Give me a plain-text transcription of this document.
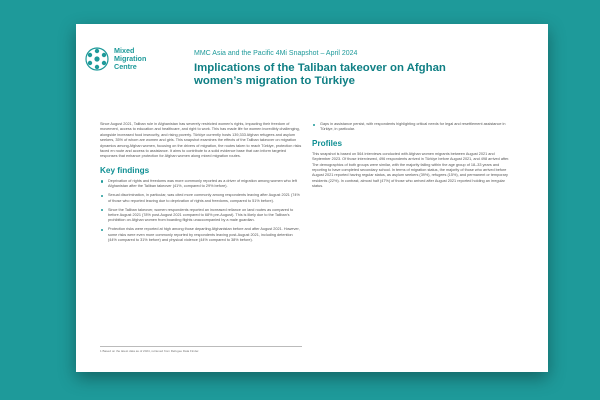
Mixed
Migration
Centre
MMC Asia and the Pacific 4Mi Snapshot – April 2024
Implications of the Taliban takeover on Afghan women’s migration to Türkiye

Since August 2021, Taliban rule in Afghanistan has severely restricted women’s rights, impacting their freedom of movement, access to education and healthcare, and right to work. This has made life for women incredibly challenging, alongside increased food insecurity, and rising poverty. Türkiye currently hosts 139,333 Afghan refugees and asylum seekers, 35% of whom are women and girls. This snapshot examines the effects of the Taliban takeover on migration dynamics among Afghan women, focusing on the drivers of migration, the routes taken to reach Türkiye, protection risks faced en route and access to assistance. It aims to contribute to a solid evidence base that can inform targeted responses that enhance protection for Afghan women along mixed migration routes.

Key findings
Deprivation of rights and freedoms was more commonly reported as a driver of migration among women who left Afghanistan after the Taliban takeover (41%, compared to 29% before).
Sexual discrimination, in particular, was cited more commonly among respondents leaving after August 2021 (74% of those who reported leaving due to deprivation of rights and freedoms, compared to 51% before).
Since the Taliban takeover, women respondents reported an increased reliance on land routes as compared to before August 2021 (78% post-August 2021 compared to 68% pre-August). This is likely due to the Taliban’s prohibition on Afghan women from boarding flights unaccompanied by a male guardian.
Protection risks were reported at high among those departing Afghanistan before and after August 2021. However, some risks were even more commonly reported by respondents leaving post-August 2021, including detention (44% compared to 31% before) and physical violence (44% compared to 38% before).
Gaps in assistance persist, with respondents highlighting critical needs for legal and resettlement assistance in Türkiye, in particular.
Profiles

This snapshot is based on 564 interviews conducted with Afghan women migrants between August 2021 and September 2023. Of those interviewed, 496 respondents arrived in Türkiye before August 2021, and 498 arrived after. The demographics of both groups were similar, with the majority falling within the age group of 18–33 years and reporting to have completed secondary school. In terms of migration status, the majority of those who arrived before August 2021 reported having regular status, as asylum seekers (39%), refugees (15%), and permanent or temporary residents (22%). In contrast, almost half (47%) of those who arrived after August 2021 reported holding an irregular status.

1 Based on the latest data as of 2024, retrieved from Refugee Data Finder.
